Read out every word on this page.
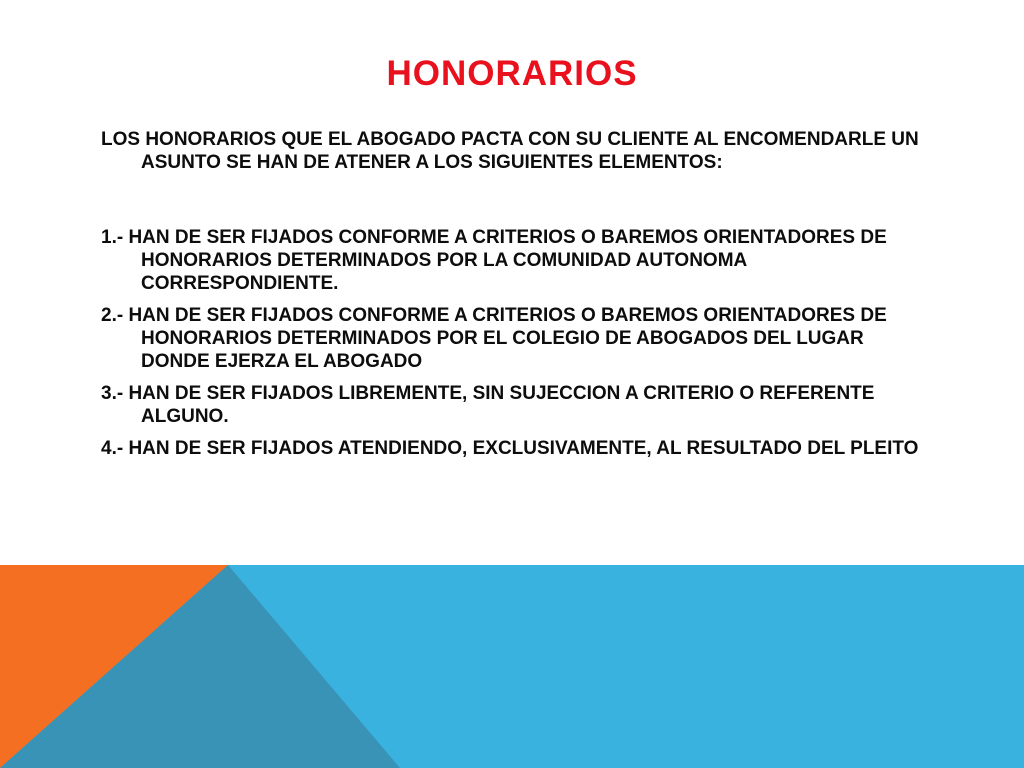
HONORARIOS

LOS HONORARIOS QUE EL ABOGADO PACTA CON SU CLIENTE AL ENCOMENDARLE UN ASUNTO SE HAN DE ATENER A LOS SIGUIENTES ELEMENTOS:

1.- HAN DE SER FIJADOS CONFORME A CRITERIOS O BAREMOS ORIENTADORES DE HONORARIOS DETERMINADOS POR LA COMUNIDAD AUTONOMA CORRESPONDIENTE.

2.- HAN DE SER FIJADOS CONFORME A CRITERIOS O BAREMOS ORIENTADORES DE HONORARIOS DETERMINADOS POR EL COLEGIO DE ABOGADOS DEL LUGAR DONDE EJERZA EL ABOGADO

3.- HAN DE SER FIJADOS LIBREMENTE, SIN SUJECCION A CRITERIO O REFERENTE ALGUNO.

4.- HAN DE SER FIJADOS ATENDIENDO, EXCLUSIVAMENTE, AL RESULTADO DEL PLEITO
